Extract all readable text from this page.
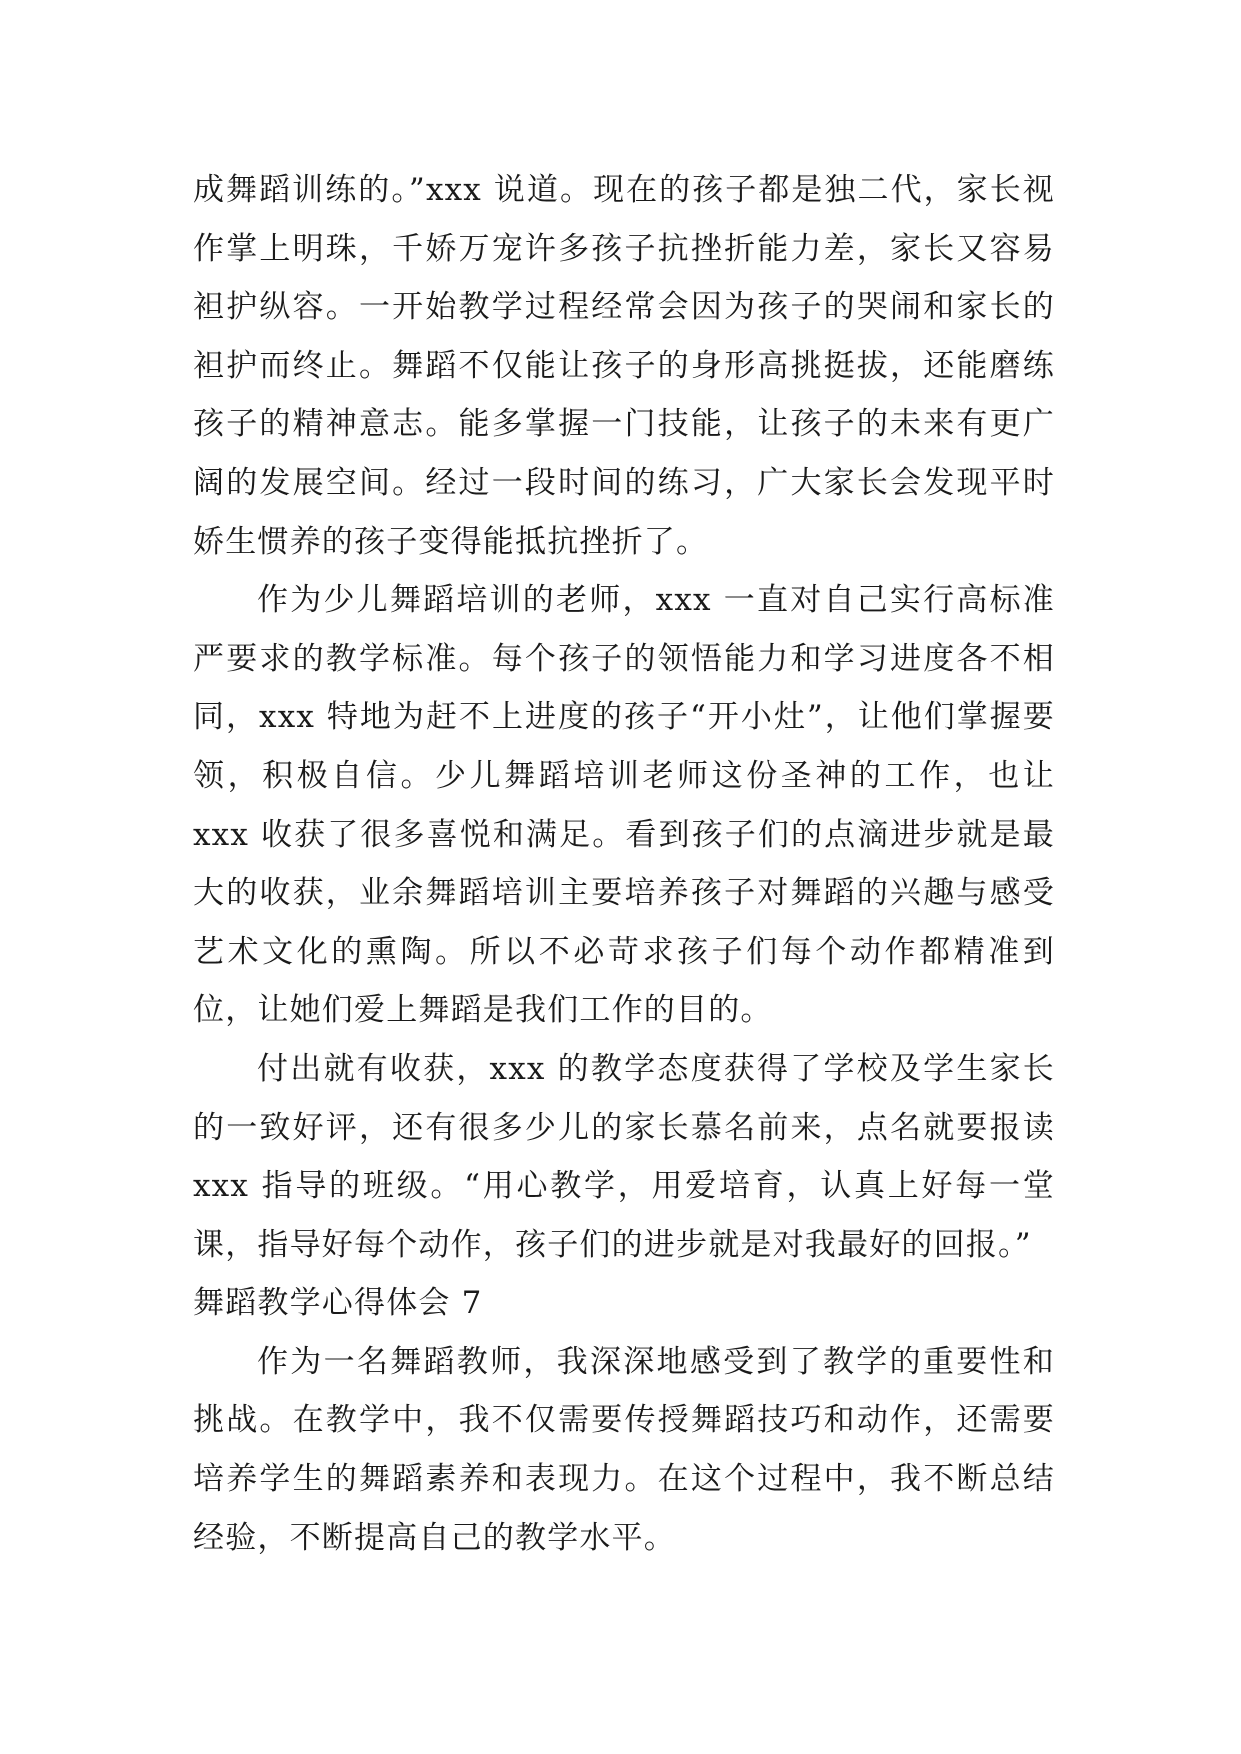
成舞蹈训练的。”xxx 说道。现在的孩子都是独二代，家长视作掌上明珠，千娇万宠许多孩子抗挫折能力差，家长又容易袒护纵容。一开始教学过程经常会因为孩子的哭闹和家长的袒护而终止。舞蹈不仅能让孩子的身形高挑挺拔，还能磨练孩子的精神意志。能多掌握一门技能，让孩子的未来有更广阔的发展空间。经过一段时间的练习，广大家长会发现平时娇生惯养的孩子变得能抵抗挫折了。

作为少儿舞蹈培训的老师，xxx 一直对自己实行高标准严要求的教学标准。每个孩子的领悟能力和学习进度各不相同，xxx 特地为赶不上进度的孩子“开小灶”，让他们掌握要领，积极自信。少儿舞蹈培训老师这份圣神的工作，也让 xxx 收获了很多喜悦和满足。看到孩子们的点滴进步就是最大的收获，业余舞蹈培训主要培养孩子对舞蹈的兴趣与感受艺术文化的熏陶。所以不必苛求孩子们每个动作都精准到位，让她们爱上舞蹈是我们工作的目的。

付出就有收获，xxx 的教学态度获得了学校及学生家长的一致好评，还有很多少儿的家长慕名前来，点名就要报读 xxx 指导的班级。“用心教学，用爱培育，认真上好每一堂课，指导好每个动作，孩子们的进步就是对我最好的回报。”

舞蹈教学心得体会 7

作为一名舞蹈教师，我深深地感受到了教学的重要性和挑战。在教学中，我不仅需要传授舞蹈技巧和动作，还需要培养学生的舞蹈素养和表现力。在这个过程中，我不断总结经验，不断提高自己的教学水平。
